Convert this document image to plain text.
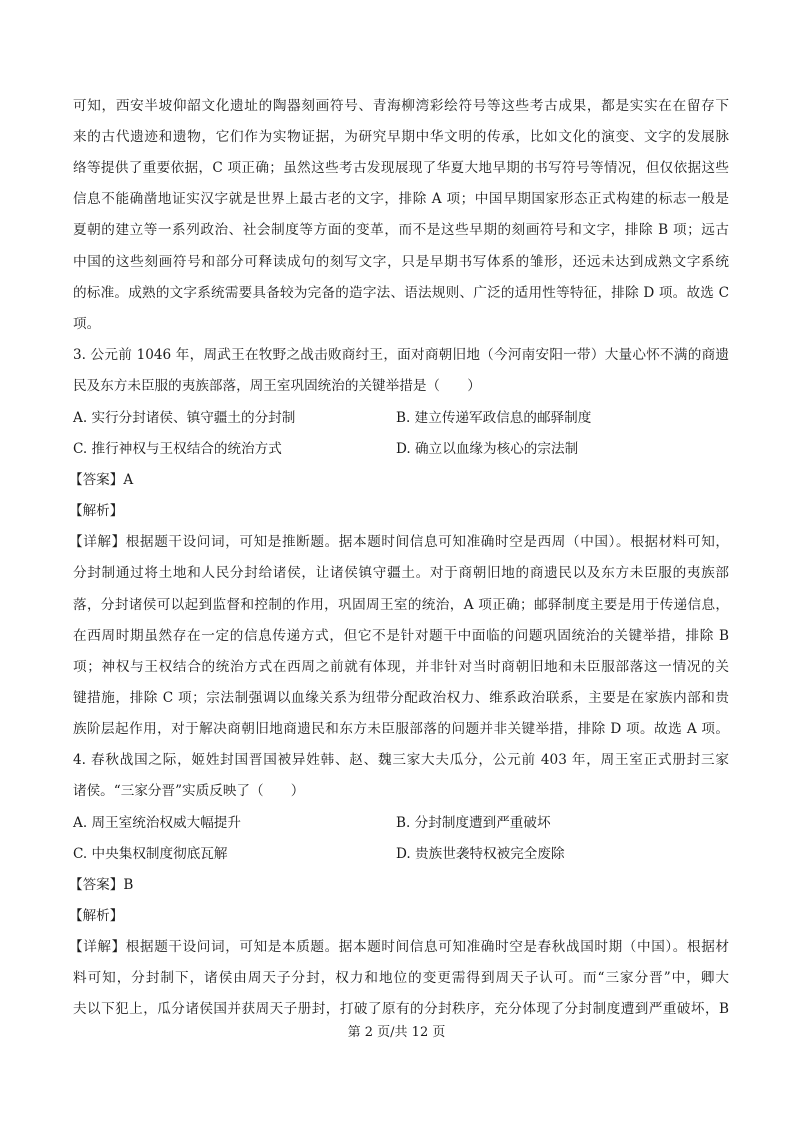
可知，西安半坡仰韶文化遗址的陶器刻画符号、青海柳湾彩绘符号等这些考古成果，都是实实在在留存下
来的古代遗迹和遗物，它们作为实物证据，为研究早期中华文明的传承，比如文化的演变、文字的发展脉
络等提供了重要依据，C 项正确；虽然这些考古发现展现了华夏大地早期的书写符号等情况，但仅依据这些
信息不能确凿地证实汉字就是世界上最古老的文字，排除 A 项；中国早期国家形态正式构建的标志一般是
夏朝的建立等一系列政治、社会制度等方面的变革，而不是这些早期的刻画符号和文字，排除 B 项；远古
中国的这些刻画符号和部分可释读成句的刻写文字，只是早期书写体系的雏形，还远未达到成熟文字系统
的标准。成熟的文字系统需要具备较为完备的造字法、语法规则、广泛的适用性等特征，排除 D 项。故选 C
项。
3. 公元前 1046 年，周武王在牧野之战击败商纣王，面对商朝旧地（今河南安阳一带）大量心怀不满的商遗
民及东方未臣服的夷族部落，周王室巩固统治的关键举措是（　　）
A. 实行分封诸侯、镇守疆土的分封制	B. 建立传递军政信息的邮驿制度
C. 推行神权与王权结合的统治方式	D. 确立以血缘为核心的宗法制
【答案】A
【解析】
【详解】根据题干设问词，可知是推断题。据本题时间信息可知准确时空是西周（中国）。根据材料可知，
分封制通过将土地和人民分封给诸侯，让诸侯镇守疆土。对于商朝旧地的商遗民以及东方未臣服的夷族部
落，分封诸侯可以起到监督和控制的作用，巩固周王室的统治，A 项正确；邮驿制度主要是用于传递信息，
在西周时期虽然存在一定的信息传递方式，但它不是针对题干中面临的问题巩固统治的关键举措，排除 B
项；神权与王权结合的统治方式在西周之前就有体现，并非针对当时商朝旧地和未臣服部落这一情况的关
键措施，排除 C 项；宗法制强调以血缘关系为纽带分配政治权力、维系政治联系，主要是在家族内部和贵
族阶层起作用，对于解决商朝旧地商遗民和东方未臣服部落的问题并非关键举措，排除 D 项。故选 A 项。
4. 春秋战国之际，姬姓封国晋国被异姓韩、赵、魏三家大夫瓜分，公元前 403 年，周王室正式册封三家
诸侯。“三家分晋”实质反映了（　　）
A. 周王室统治权威大幅提升	B. 分封制度遭到严重破坏
C. 中央集权制度彻底瓦解	D. 贵族世袭特权被完全废除
【答案】B
【解析】
【详解】根据题干设问词，可知是本质题。据本题时间信息可知准确时空是春秋战国时期（中国）。根据材
料可知，分封制下，诸侯由周天子分封，权力和地位的变更需得到周天子认可。而“三家分晋”中，卿大
夫以下犯上，瓜分诸侯国并获周天子册封，打破了原有的分封秩序，充分体现了分封制度遭到严重破坏，B
第 2 页/共 12 页
